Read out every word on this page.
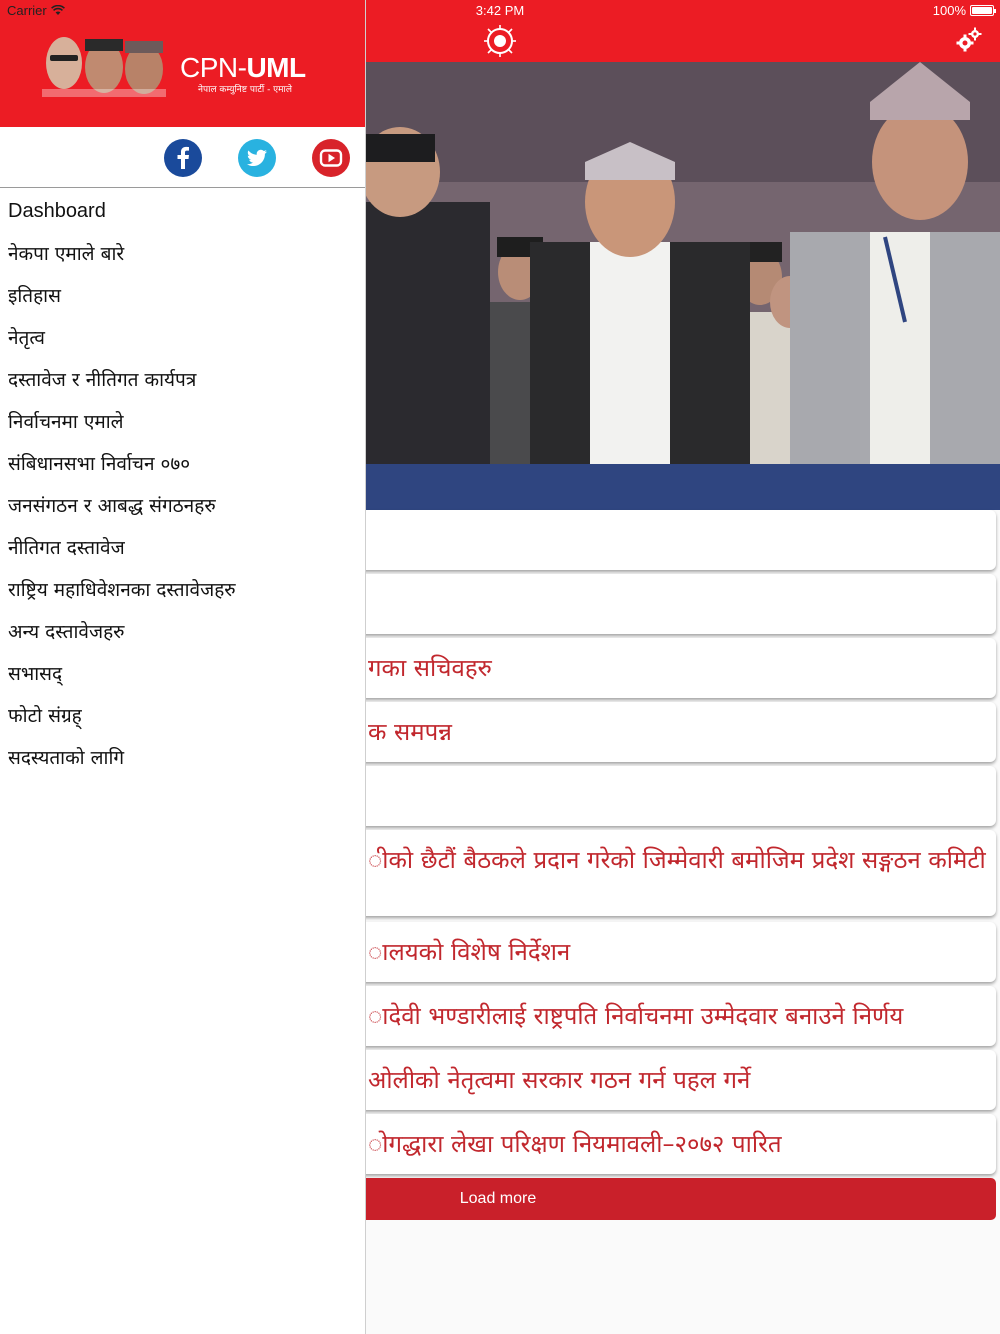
गका सचिवहरु
क समपन्न
ीको छैटौं बैठकले प्रदान गरेको जिम्मेवारी बमोजिम प्रदेश सङ्गठन कमिटी
ालयको विशेष निर्देशन
ादेवी भण्डारीलाई राष्ट्रपति निर्वाचनमा उम्मेदवार बनाउने निर्णय
ओलीको नेतृत्वमा सरकार गठन गर्न पहल गर्ने
ोगद्धारा लेखा परिक्षण नियमावली–२०७२ पारित
Load more
CPN-UML
नेपाल कम्युनिष्ट पार्टी - एमाले
Dashboard
नेकपा एमाले बारे
इतिहास
नेतृत्व
दस्तावेज र नीतिगत कार्यपत्र
निर्वाचनमा एमाले
संबिधानसभा निर्वाचन ०७०
जनसंगठन र आबद्ध संगठनहरु
नीतिगत दस्तावेज
राष्ट्रिय महाधिवेशनका दस्तावेजहरु
अन्य दस्तावेजहरु
सभासद्
फोटो संग्रह्
सदस्यताको लागि
Carrier	3:42 PM	100%
